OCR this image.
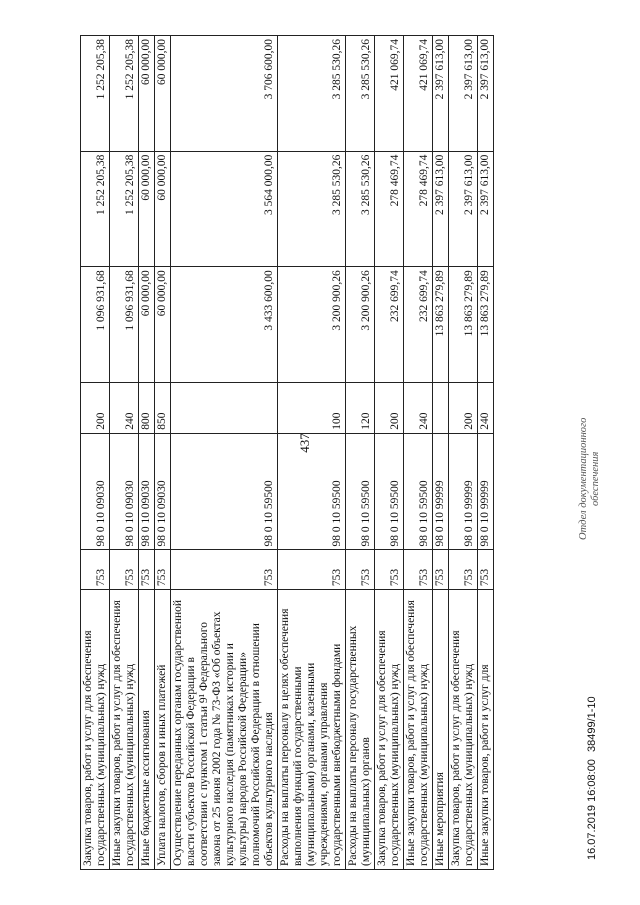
437
Закупка товаров, работ и услуг для обеспечения государственных (муниципальных) нужд	753	98 0 10 09030	200	1 096 931,68	1 252 205,38	1 252 205,38
Иные закупки товаров, работ и услуг для обеспечения государственных (муниципальных) нужд	753	98 0 10 09030	240	1 096 931,68	1 252 205,38	1 252 205,38
Иные бюджетные ассигнования	753	98 0 10 09030	800	60 000,00	60 000,00	60 000,00
Уплата налогов, сборов и иных платежей	753	98 0 10 09030	850	60 000,00	60 000,00	60 000,00
Осуществление переданных органам государственной власти субъектов Российской Федерации в соответствии с пунктом 1 статьи 9¹ Федерального закона от 25 июня 2002 года № 73-ФЗ «Об объектах культурного наследия (памятниках истории и культуры) народов Российской Федерации» полномочий Российской Федерации в отношении объектов культурного наследия	753	98 0 10 59500		3 433 600,00	3 564 000,00	3 706 600,00
Расходы на выплаты персоналу в целях обеспечения выполнения функций государственными (муниципальными) органами, казенными учреждениями, органами управления государственными внебюджетными фондами	753	98 0 10 59500	100	3 200 900,26	3 285 530,26	3 285 530,26
Расходы на выплаты персоналу государственных (муниципальных) органов	753	98 0 10 59500	120	3 200 900,26	3 285 530,26	3 285 530,26
Закупка товаров, работ и услуг для обеспечения государственных (муниципальных) нужд	753	98 0 10 59500	200	232 699,74	278 469,74	421 069,74
Иные закупки товаров, работ и услуг для обеспечения государственных (муниципальных) нужд	753	98 0 10 59500	240	232 699,74	278 469,74	421 069,74
Иные мероприятия	753	98 0 10 99999		13 863 279,89	2 397 613,00	2 397 613,00
Закупка товаров, работ и услуг для обеспечения государственных (муниципальных) нужд	753	98 0 10 99999	200	13 863 279,89	2 397 613,00	2 397 613,00
Иные закупки товаров, работ и услуг для	753	98 0 10 99999	240	13 863 279,89	2 397 613,00	2 397 613,00
16.07.2019 16:08:00
38499/1-10
Отдел документационного обеспечения
